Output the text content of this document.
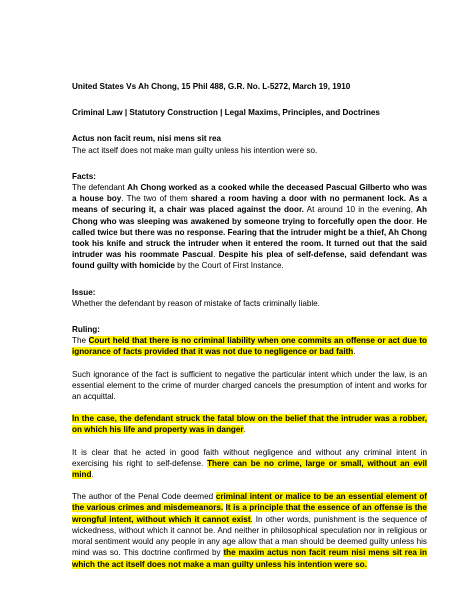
United States Vs Ah Chong, 15 Phil 488, G.R. No. L-5272, March 19, 1910

Criminal Law | Statutory Construction | Legal Maxims, Principles, and Doctrines

Actus non facit reum, nisi mens sit rea

The act itself does not make man guilty unless his intention were so.

Facts:

The defendant Ah Chong worked as a cooked while the deceased Pascual Gilberto who was a house boy. The two of them shared a room having a door with no permanent lock. As a means of securing it, a chair was placed against the door. At around 10 in the evening, Ah Chong who was sleeping was awakened by someone trying to forcefully open the door. He called twice but there was no response. Fearing that the intruder might be a thief, Ah Chong took his knife and struck the intruder when it entered the room. It turned out that the said intruder was his roommate Pascual. Despite his plea of self-defense, said defendant was found guilty with homicide by the Court of First Instance.

Issue:

Whether the defendant by reason of mistake of facts criminally liable.

Ruling:

The Court held that there is no criminal liability when one commits an offense or act due to ignorance of facts provided that it was not due to negligence or bad faith.

Such ignorance of the fact is sufficient to negative the particular intent which under the law, is an essential element to the crime of murder charged cancels the presumption of intent and works for an acquittal.

In the case, the defendant struck the fatal blow on the belief that the intruder was a robber, on which his life and property was in danger.

It is clear that he acted in good faith without negligence and without any criminal intent in exercising his right to self-defense. There can be no crime, large or small, without an evil mind.

The author of the Penal Code deemed criminal intent or malice to be an essential element of the various crimes and misdemeanors. It is a principle that the essence of an offense is the wrongful intent, without which it cannot exist. In other words, punishment is the sequence of wickedness, without which it cannot be. And neither in philosophical speculation nor in religious or moral sentiment would any people in any age allow that a man should be deemed guilty unless his mind was so. This doctrine confirmed by the maxim actus non facit reum nisi mens sit rea in which the act itself does not make a man guilty unless his intention were so.
